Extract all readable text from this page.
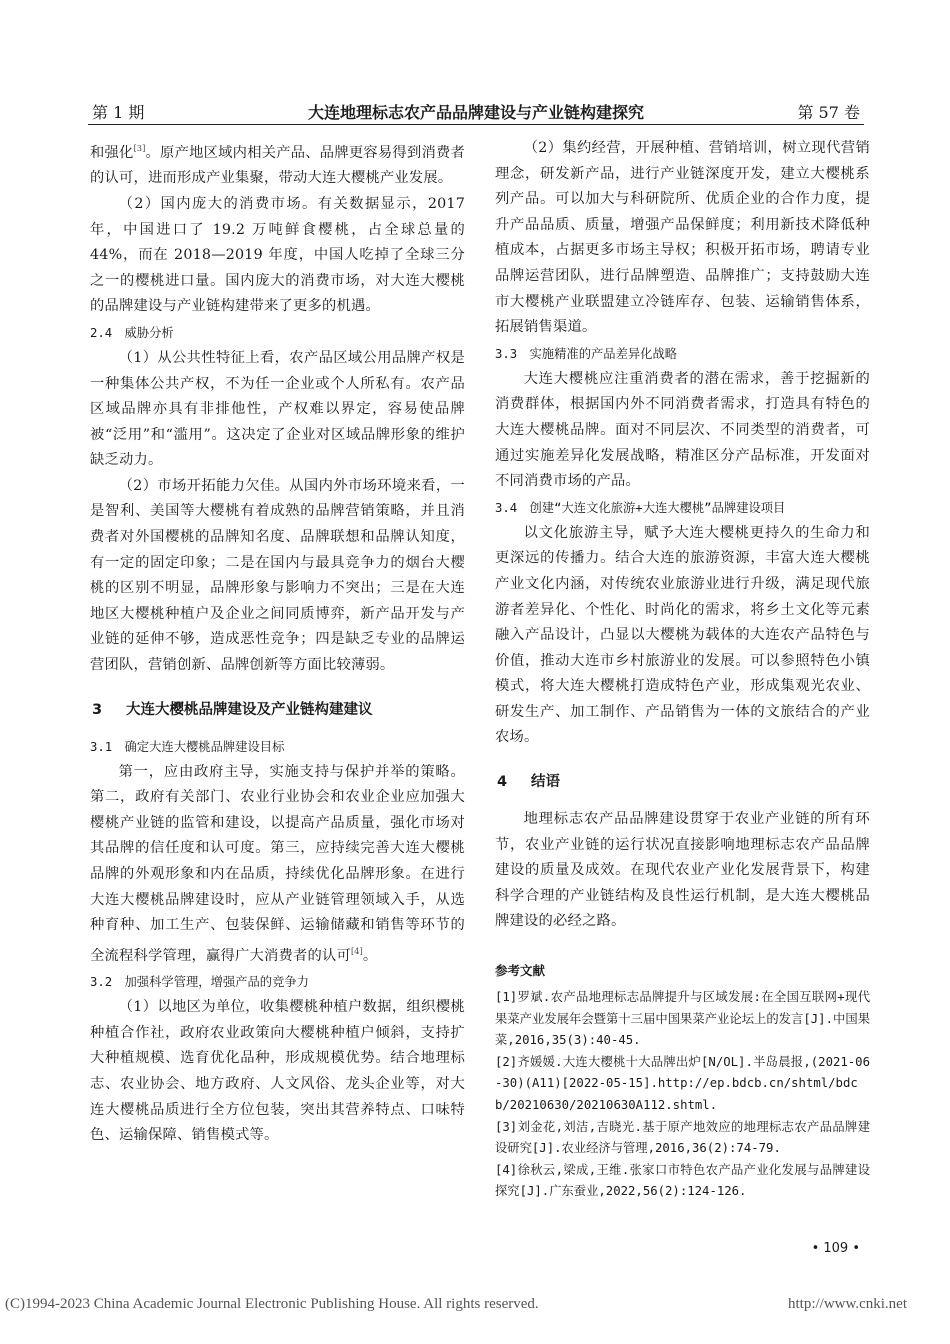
第 1 期	大连地理标志农产品品牌建设与产业链构建探究	第 57 卷

和强化[3]。原产地区域内相关产品、品牌更容易得到消费者的认可，进而形成产业集聚，带动大连大樱桃产业发展。

（2）国内庞大的消费市场。有关数据显示，2017 年，中国进口了 19.2 万吨鲜食樱桃，占全球总量的 44%，而在 2018—2019 年度，中国人吃掉了全球三分之一的樱桃进口量。国内庞大的消费市场，对大连大樱桃的品牌建设与产业链构建带来了更多的机遇。

2.4　威胁分析

（1）从公共性特征上看，农产品区域公用品牌产权是一种集体公共产权，不为任一企业或个人所私有。农产品区域品牌亦具有非排他性，产权难以界定，容易使品牌被“泛用”和“滥用”。这决定了企业对区域品牌形象的维护缺乏动力。

（2）市场开拓能力欠佳。从国内外市场环境来看，一是智利、美国等大樱桃有着成熟的品牌营销策略，并且消费者对外国樱桃的品牌知名度、品牌联想和品牌认知度，有一定的固定印象；二是在国内与最具竞争力的烟台大樱桃的区别不明显，品牌形象与影响力不突出；三是在大连地区大樱桃种植户及企业之间同质博弈，新产品开发与产业链的延伸不够，造成恶性竞争；四是缺乏专业的品牌运营团队，营销创新、品牌创新等方面比较薄弱。

3 大连大樱桃品牌建设及产业链构建建议
3.1　确定大连大樱桃品牌建设目标

第一，应由政府主导，实施支持与保护并举的策略。第二，政府有关部门、农业行业协会和农业企业应加强大樱桃产业链的监管和建设，以提高产品质量，强化市场对其品牌的信任度和认可度。第三，应持续完善大连大樱桃品牌的外观形象和内在品质，持续优化品牌形象。在进行大连大樱桃品牌建设时，应从产业链管理领域入手，从选种育种、加工生产、包装保鲜、运输储藏和销售等环节的全流程科学管理，赢得广大消费者的认可[4]。

3.2　加强科学管理，增强产品的竞争力

（1）以地区为单位，收集樱桃种植户数据，组织樱桃种植合作社，政府农业政策向大樱桃种植户倾斜，支持扩大种植规模、选育优化品种，形成规模优势。结合地理标志、农业协会、地方政府、人文风俗、龙头企业等，对大连大樱桃品质进行全方位包装，突出其营养特点、口味特色、运输保障、销售模式等。

（2）集约经营，开展种植、营销培训，树立现代营销理念，研发新产品，进行产业链深度开发，建立大樱桃系列产品。可以加大与科研院所、优质企业的合作力度，提升产品品质、质量，增强产品保鲜度；利用新技术降低种植成本，占据更多市场主导权；积极开拓市场，聘请专业品牌运营团队，进行品牌塑造、品牌推广；支持鼓励大连市大樱桃产业联盟建立冷链库存、包装、运输销售体系，拓展销售渠道。

3.3　实施精准的产品差异化战略

大连大樱桃应注重消费者的潜在需求，善于挖掘新的消费群体，根据国内外不同消费者需求，打造具有特色的大连大樱桃品牌。面对不同层次、不同类型的消费者，可通过实施差异化发展战略，精准区分产品标准，开发面对不同消费市场的产品。

3.4　创建“大连文化旅游+大连大樱桃”品牌建设项目

以文化旅游主导，赋予大连大樱桃更持久的生命力和更深远的传播力。结合大连的旅游资源，丰富大连大樱桃产业文化内涵，对传统农业旅游业进行升级，满足现代旅游者差异化、个性化、时尚化的需求，将乡土文化等元素融入产品设计，凸显以大樱桃为载体的大连农产品特色与价值，推动大连市乡村旅游业的发展。可以参照特色小镇模式，将大连大樱桃打造成特色产业，形成集观光农业、研发生产、加工制作、产品销售为一体的文旅结合的产业农场。

4 结语

地理标志农产品品牌建设贯穿于农业产业链的所有环节，农业产业链的运行状况直接影响地理标志农产品品牌建设的质量及成效。在现代农业产业化发展背景下，构建科学合理的产业链结构及良性运行机制，是大连大樱桃品牌建设的必经之路。

参考文献
[1]罗斌.农产品地理标志品牌提升与区域发展:在全国互联网+现代果菜产业发展年会暨第十三届中国果菜产业论坛上的发言[J].中国果菜,2016,35(3):40-45.
[2]齐媛媛.大连大樱桃十大品牌出炉[N/OL].半岛晨报,(2021-06-30)(A11)[2022-05-15].http://ep.bdcb.cn/shtml/bdcb/20210630/20210630A112.shtml.
[3]刘金花,刘洁,吉晓光.基于原产地效应的地理标志农产品品牌建设研究[J].农业经济与管理,2016,36(2):74-79.
[4]徐秋云,梁成,王维.张家口市特色农产品产业化发展与品牌建设探究[J].广东蚕业,2022,56(2):124-126.
• 109 •
(C)1994-2023 China Academic Journal Electronic Publishing House. All rights reserved.	http://www.cnki.net
